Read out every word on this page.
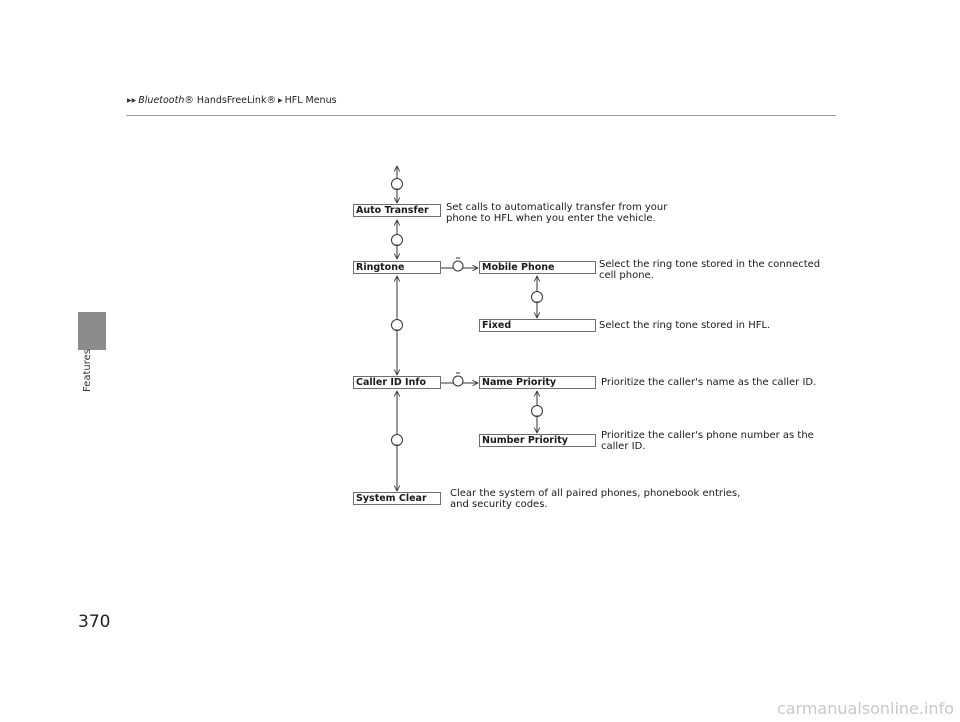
▶▶ Bluetooth® HandsFreeLink® ▶ HFL Menus
Features
370
Auto Transfer
Ringtone
Caller ID Info
System Clear
Mobile Phone
Fixed
Name Priority
Number Priority
Set calls to automatically transfer from your
phone to HFL when you enter the vehicle.
Select the ring tone stored in the connected
cell phone.
Select the ring tone stored in HFL.
Prioritize the caller's name as the caller ID.
Prioritize the caller's phone number as the
caller ID.
Clear the system of all paired phones, phonebook entries,
and security codes.
carmanualsonline.info
